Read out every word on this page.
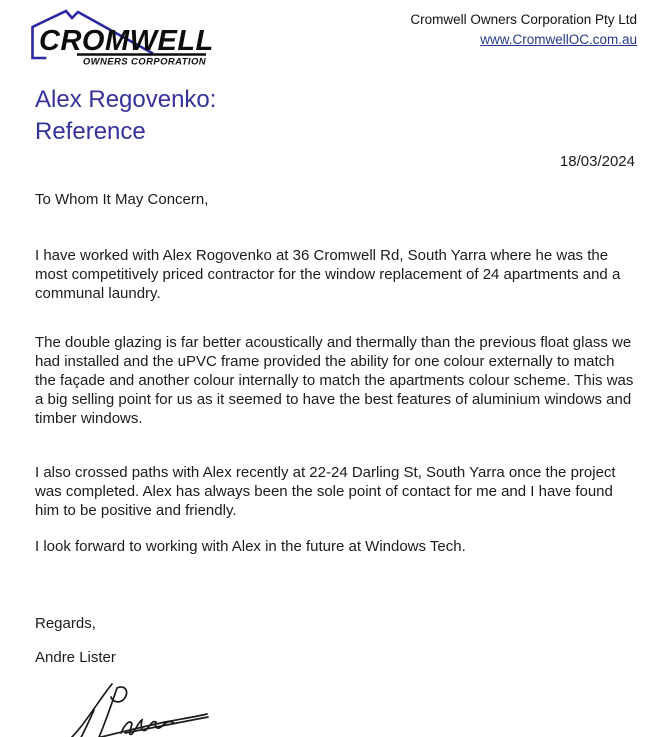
CROMWELL
OWNERS CORPORATION
Cromwell Owners Corporation Pty Ltd
www.CromwellOC.com.au
Alex Regovenko:
Reference
18/03/2024
To Whom It May Concern,

I have worked with Alex Rogovenko at 36 Cromwell Rd, South Yarra where he was the most competitively priced contractor for the window replacement of 24 apartments and a communal laundry.

The double glazing is far better acoustically and thermally than the previous float glass we had installed and the uPVC frame provided the ability for one colour externally to match the façade and another colour internally to match the apartments colour scheme. This was a big selling point for us as it seemed to have the best features of aluminium windows and timber windows.

I also crossed paths with Alex recently at 22-24 Darling St, South Yarra once the project was completed. Alex has always been the sole point of contact for me and I have found him to be positive and friendly.

I look forward to working with Alex in the future at Windows Tech.

Regards,
Andre Lister
